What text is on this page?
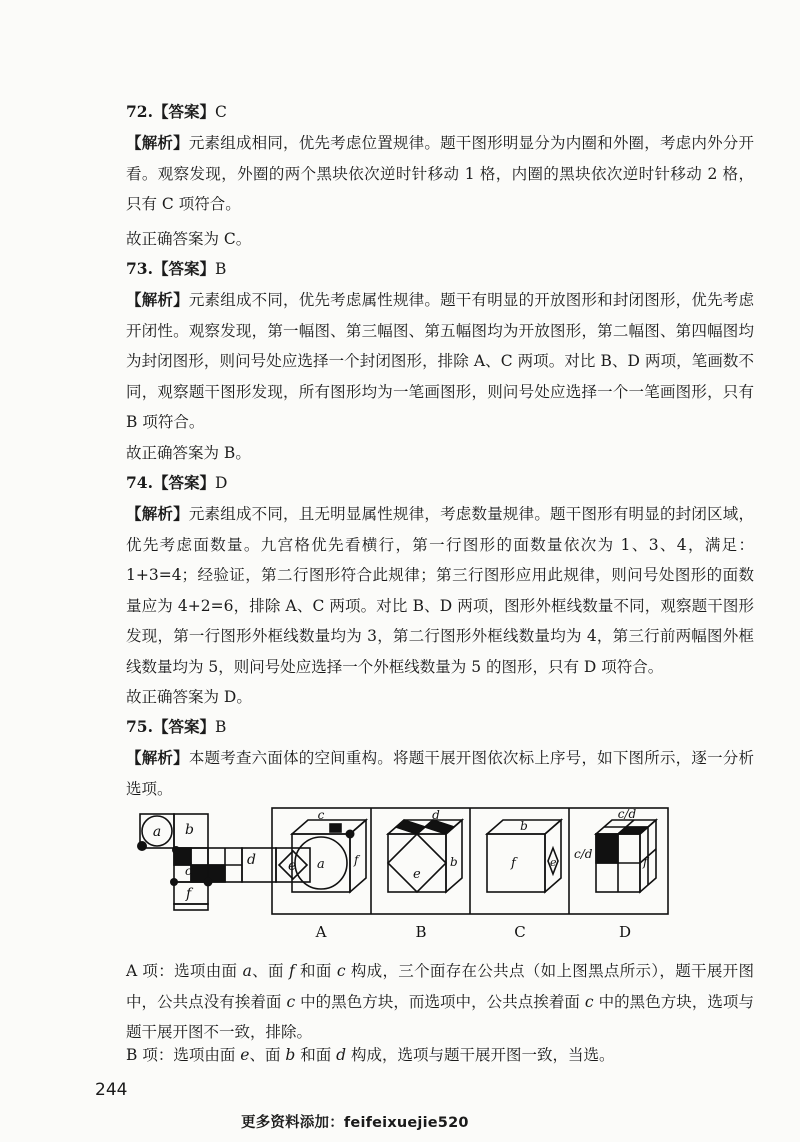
72.【答案】C

【解析】元素组成相同，优先考虑位置规律。题干图形明显分为内圈和外圈，考虑内外分开看。观察发现，外圈的两个黑块依次逆时针移动 1 格，内圈的黑块依次逆时针移动 2 格，只有 C 项符合。

故正确答案为 C。

73.【答案】B

【解析】元素组成不同，优先考虑属性规律。题干有明显的开放图形和封闭图形，优先考虑开闭性。观察发现，第一幅图、第三幅图、第五幅图均为开放图形，第二幅图、第四幅图均为封闭图形，则问号处应选择一个封闭图形，排除 A、C 两项。对比 B、D 两项，笔画数不同，观察题干图形发现，所有图形均为一笔画图形，则问号处应选择一个一笔画图形，只有 B 项符合。

故正确答案为 B。

74.【答案】D

【解析】元素组成不同，且无明显属性规律，考虑数量规律。题干图形有明显的封闭区域，优先考虑面数量。九宫格优先看横行，第一行图形的面数量依次为 1、3、4，满足：1+3=4；经验证，第二行图形符合此规律；第三行图形应用此规律，则问号处图形的面数量应为 4+2=6，排除 A、C 两项。对比 B、D 两项，图形外框线数量不同，观察题干图形发现，第一行图形外框线数量均为 3，第二行图形外框线数量均为 4，第三行前两幅图外框线数量均为 5，则问号处应选择一个外框线数量为 5 的图形，只有 D 项符合。

故正确答案为 D。

75.【答案】B

【解析】本题考查六面体的空间重构。将题干展开图依次标上序号，如下图所示，逐一分析选项。

a b
c
d e
f
c
a f
d
e
b
b
f	e
c/d
c/d
f
A	B	C	D

A 项：选项由面 a、面 f 和面 c 构成，三个面存在公共点（如上图黑点所示），题干展开图中，公共点没有挨着面 c 中的黑色方块，而选项中，公共点挨着面 c 中的黑色方块，选项与题干展开图不一致，排除。

B 项：选项由面 e、面 b 和面 d 构成，选项与题干展开图一致，当选。

244
更多资料添加：feifeixuejie520
